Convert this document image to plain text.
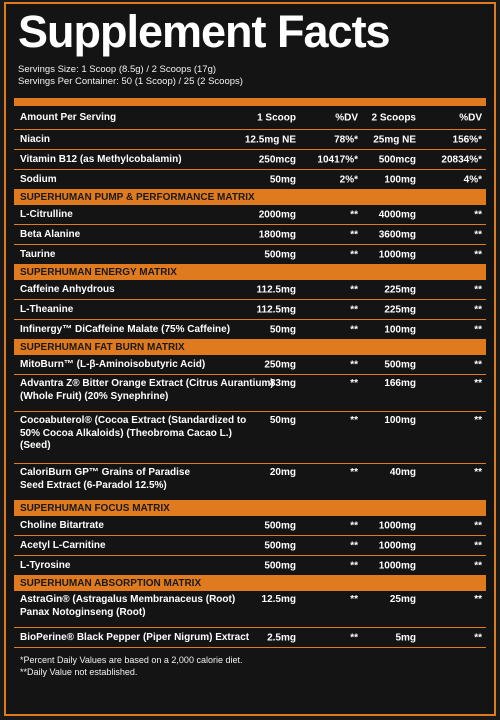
Supplement Facts
Servings Size: 1 Scoop (8.5g) / 2 Scoops (17g)
Servings Per Container: 50 (1 Scoop) / 25 (2 Scoops)
Amount Per Serving	1 Scoop	%DV 2 Scoops	%DV
Niacin	12.5mg NE	78%* 25mg NE	156%*
Vitamin B12 (as Methylcobalamin)	250mcg 10417%* 500mcg	20834%*
Sodium	50mg	2%*	100mg	4%*
SUPERHUMAN PUMP & PERFORMANCE MATRIX
L-Citrulline	2000mg	** 4000mg	**
Beta Alanine	1800mg	** 3600mg	**
Taurine	500mg	** 1000mg	**
SUPERHUMAN ENERGY MATRIX
Caffeine Anhydrous	112.5mg	**	225mg	**
L-Theanine	112.5mg	**	225mg	**
Infinergy™ DiCaffeine Malate (75% Caffeine)	50mg	**	100mg	**
SUPERHUMAN FAT BURN MATRIX
MitoBurn™ (L-β-Aminoisobutyric Acid)	250mg	**	500mg	**
Advantra Z® Bitter Orange Extract (Citrus Aurantium) (Whole Fruit) (20% Synephrine)
83mg	**	166mg	**
Cocoabuterol® (Cocoa Extract (Standardized to 50% Cocoa Alkaloids) (Theobroma Cacao L.) (Seed)
50mg	**	100mg	**
CaloriBurn GP™ Grains of Paradise Seed Extract (6-Paradol 12.5%)
20mg	**	40mg	**
SUPERHUMAN FOCUS MATRIX
Choline Bitartrate	500mg	** 1000mg	**
Acetyl L-Carnitine	500mg	** 1000mg	**
L-Tyrosine	500mg	** 1000mg	**
SUPERHUMAN ABSORPTION MATRIX
AstraGin® (Astragalus Membranaceus (Root) Panax Notoginseng (Root)
12.5mg	**	25mg	**
BioPerine® Black Pepper (Piper Nigrum) Extract	2.5mg	**	5mg	**
*Percent Daily Values are based on a 2,000 calorie diet.
**Daily Value not established.
